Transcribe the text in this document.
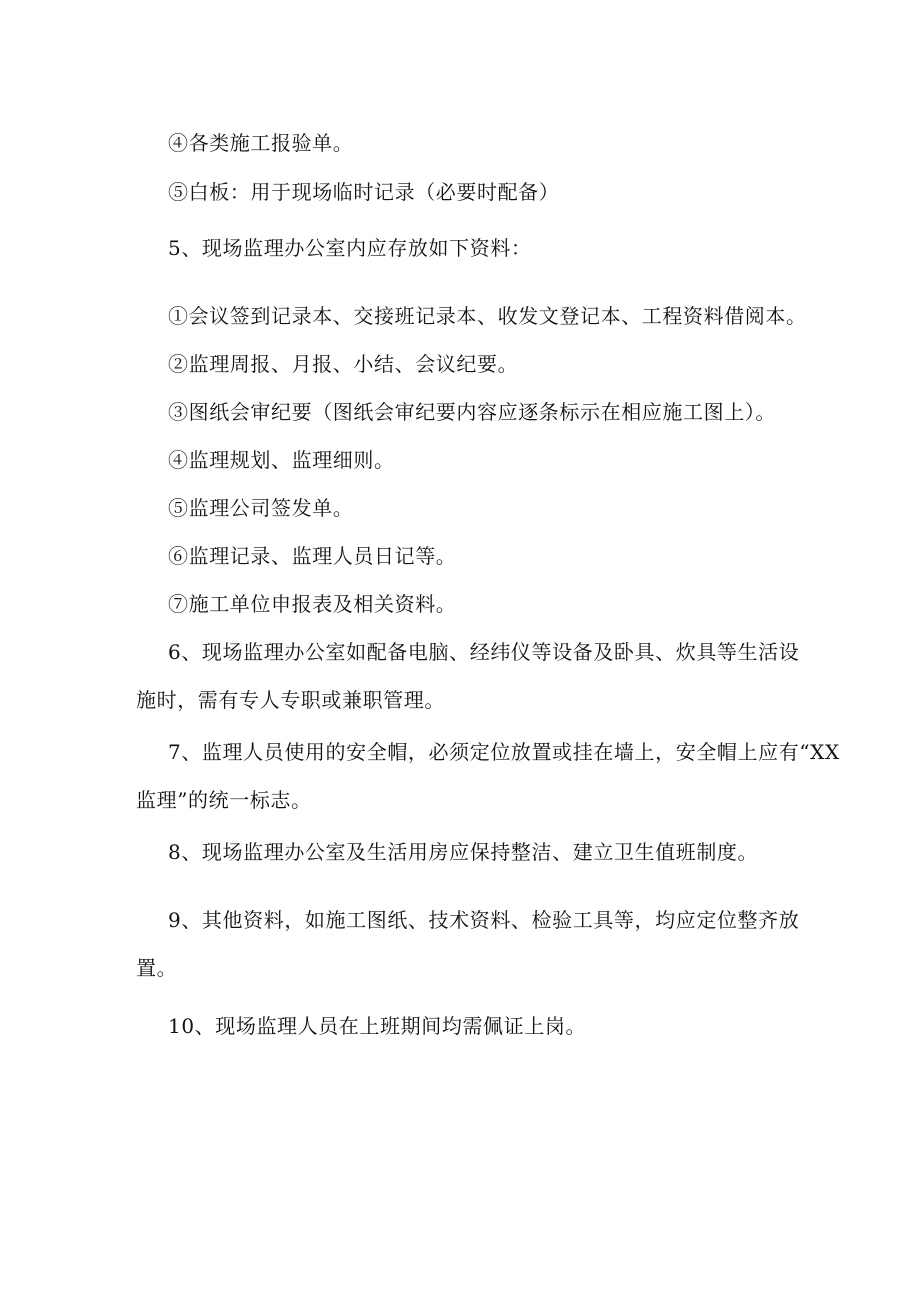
④各类施工报验单。
⑤白板：用于现场临时记录（必要时配备）
5、现场监理办公室内应存放如下资料：
①会议签到记录本、交接班记录本、收发文登记本、工程资料借阅本。
②监理周报、月报、小结、会议纪要。
③图纸会审纪要（图纸会审纪要内容应逐条标示在相应施工图上）。
④监理规划、监理细则。
⑤监理公司签发单。
⑥监理记录、监理人员日记等。
⑦施工单位申报表及相关资料。
6、现场监理办公室如配备电脑、经纬仪等设备及卧具、炊具等生活设
施时，需有专人专职或兼职管理。
7、监理人员使用的安全帽，必须定位放置或挂在墙上，安全帽上应有“XX
监理”的统一标志。
8、现场监理办公室及生活用房应保持整洁、建立卫生值班制度。
9、其他资料，如施工图纸、技术资料、检验工具等，均应定位整齐放
置。
10、现场监理人员在上班期间均需佩证上岗。
